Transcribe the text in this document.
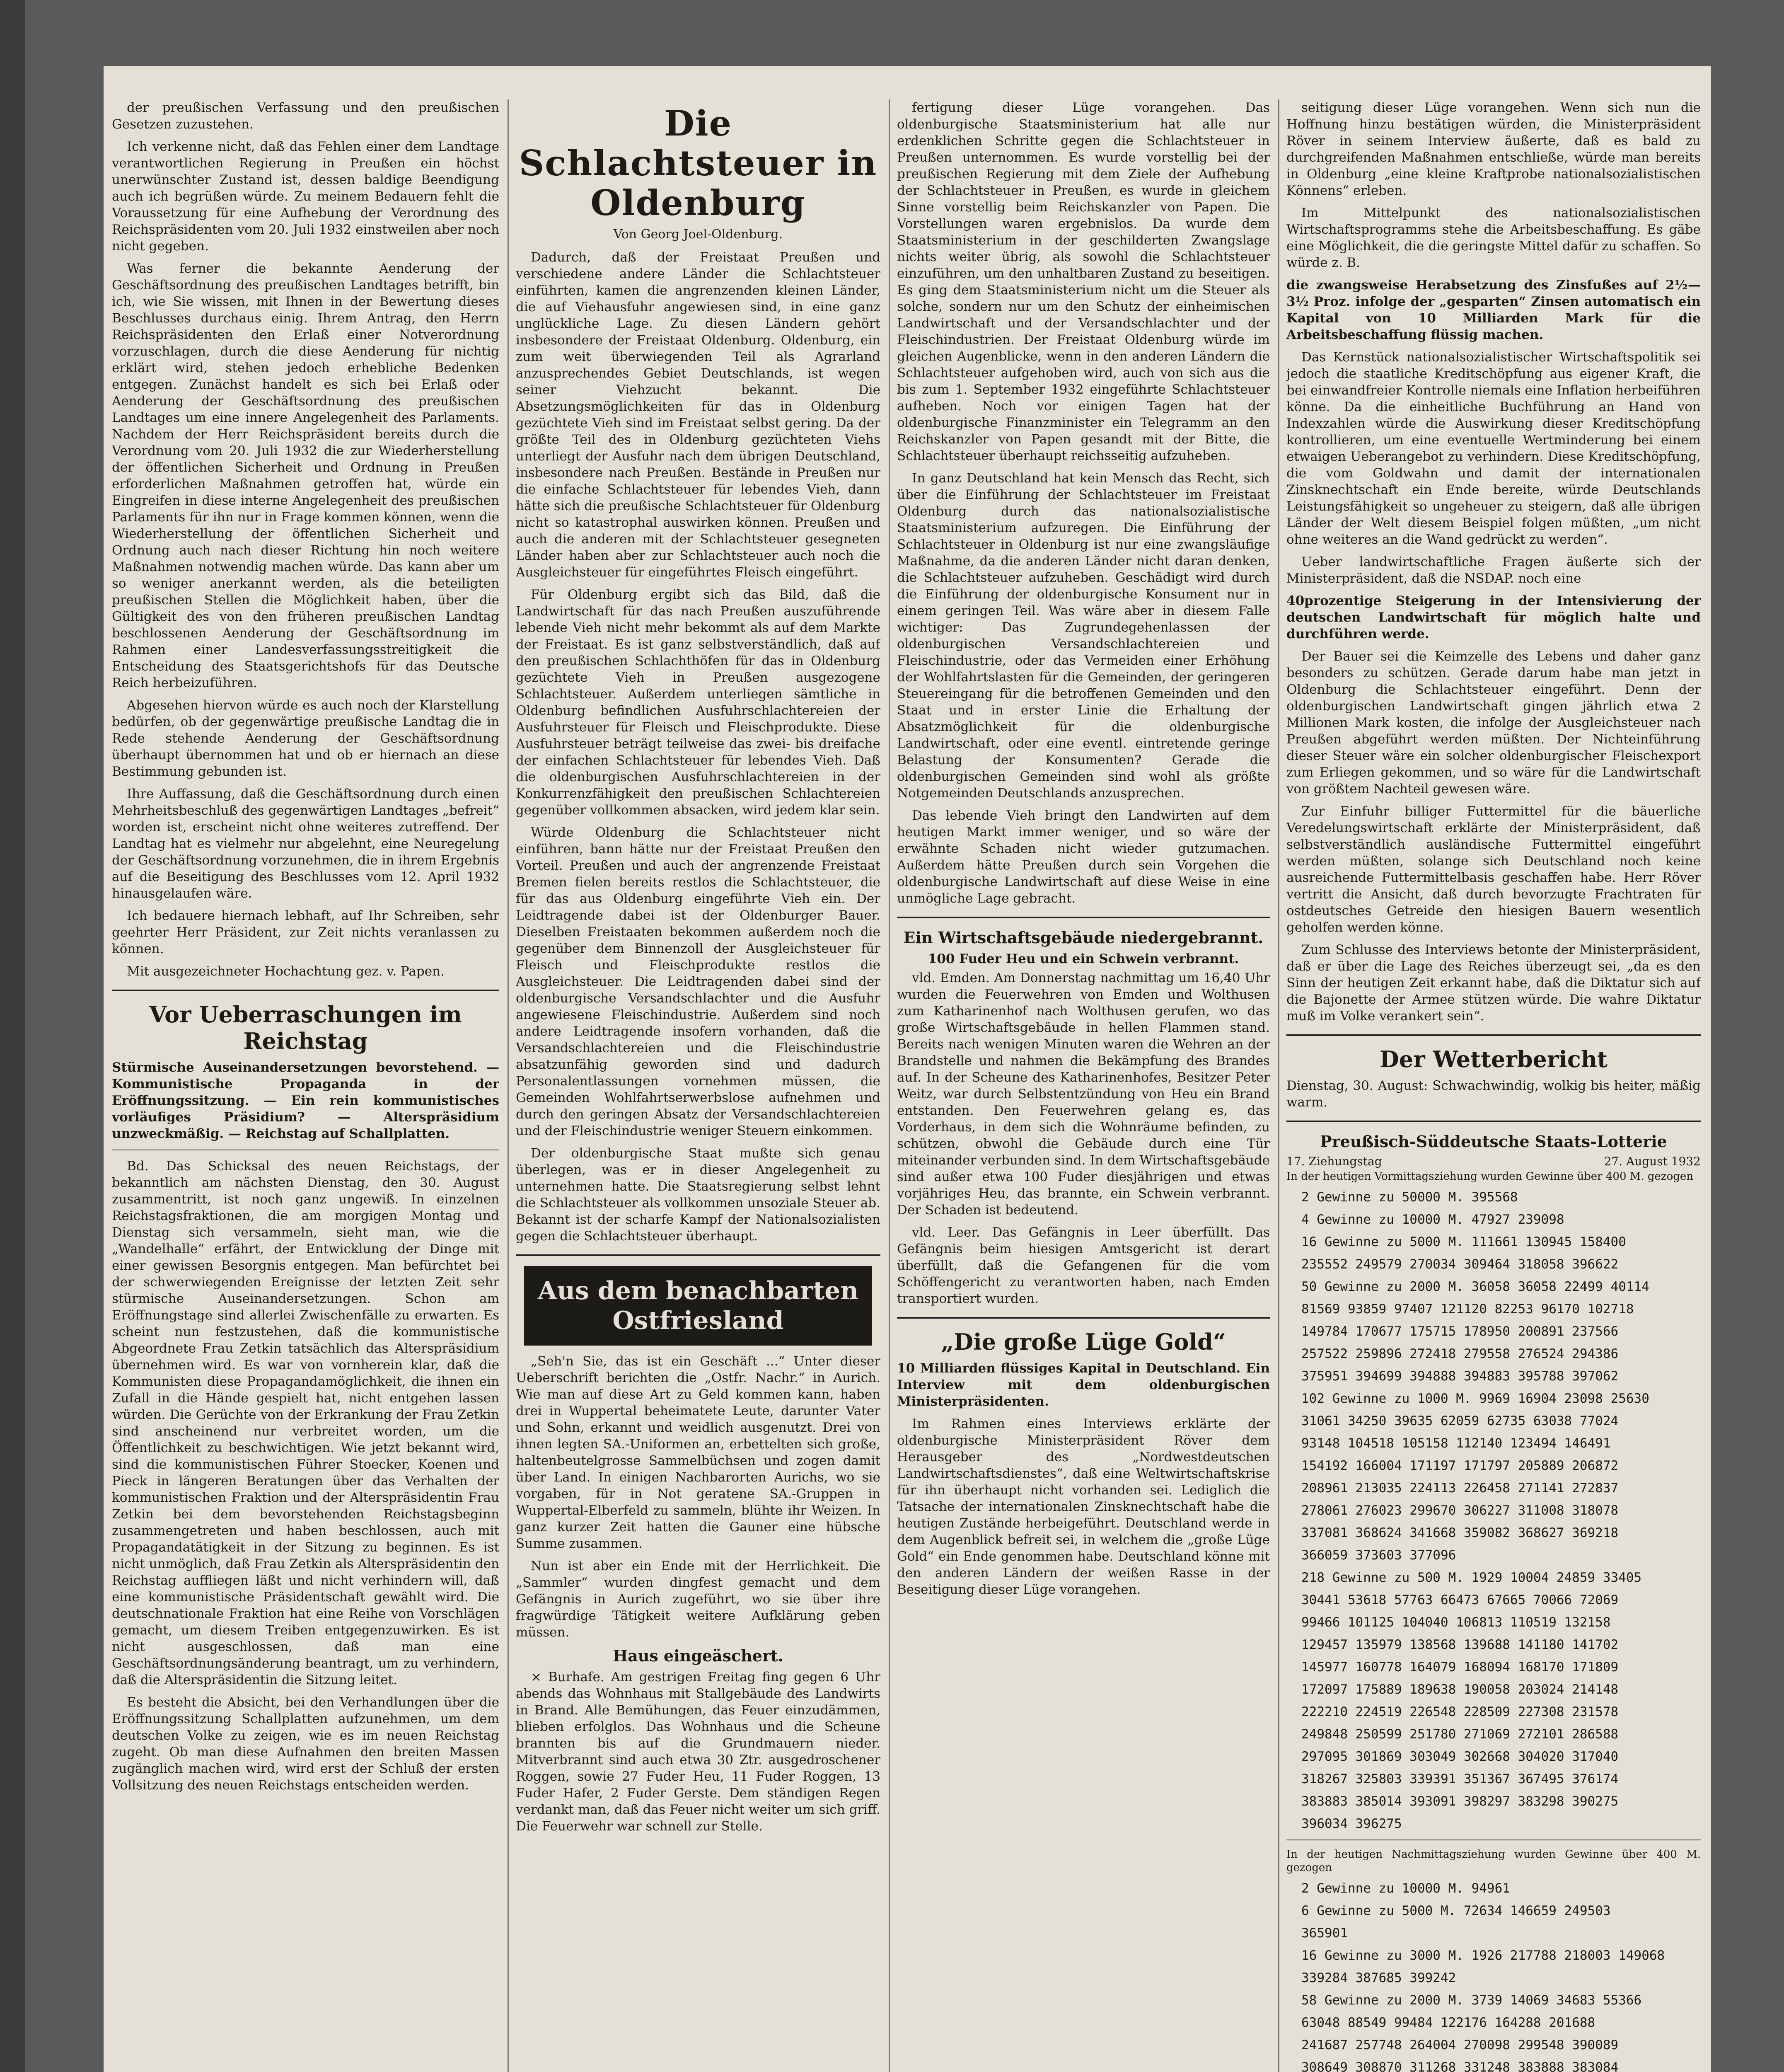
der preußischen Verfassung und den preußischen Gesetzen zuzustehen.

Ich verkenne nicht, daß das Fehlen einer dem Landtage verantwortlichen Regierung in Preußen ein höchst unerwünschter Zustand ist, dessen baldige Beendigung auch ich begrüßen würde. Zu meinem Bedauern fehlt die Voraussetzung für eine Aufhebung der Verordnung des Reichspräsidenten vom 20. Juli 1932 einstweilen aber noch nicht gegeben.

Was ferner die bekannte Aenderung der Geschäftsordnung des preußischen Landtages betrifft, bin ich, wie Sie wissen, mit Ihnen in der Bewertung dieses Beschlusses durchaus einig. Ihrem Antrag, den Herrn Reichspräsidenten den Erlaß einer Notverordnung vorzuschlagen, durch die diese Aenderung für nichtig erklärt wird, stehen jedoch erhebliche Bedenken entgegen. Zunächst handelt es sich bei Erlaß oder Aenderung der Geschäftsordnung des preußischen Landtages um eine innere Angelegenheit des Parlaments. Nachdem der Herr Reichspräsident bereits durch die Verordnung vom 20. Juli 1932 die zur Wiederherstellung der öffentlichen Sicherheit und Ordnung in Preußen erforderlichen Maßnahmen getroffen hat, würde ein Eingreifen in diese interne Angelegenheit des preußischen Parlaments für ihn nur in Frage kommen können, wenn die Wiederherstellung der öffentlichen Sicherheit und Ordnung auch nach dieser Richtung hin noch weitere Maßnahmen notwendig machen würde. Das kann aber um so weniger anerkannt werden, als die beteiligten preußischen Stellen die Möglichkeit haben, über die Gültigkeit des von den früheren preußischen Landtag beschlossenen Aenderung der Geschäftsordnung im Rahmen einer Landesverfassungsstreitigkeit die Entscheidung des Staatsgerichtshofs für das Deutsche Reich herbeizuführen.

Abgesehen hiervon würde es auch noch der Klarstellung bedürfen, ob der gegenwärtige preußische Landtag die in Rede stehende Aenderung der Geschäftsordnung überhaupt übernommen hat und ob er hiernach an diese Bestimmung gebunden ist.

Ihre Auffassung, daß die Geschäftsordnung durch einen Mehrheitsbeschluß des gegenwärtigen Landtages „befreit“ worden ist, erscheint nicht ohne weiteres zutreffend. Der Landtag hat es vielmehr nur abgelehnt, eine Neuregelung der Geschäftsordnung vorzunehmen, die in ihrem Ergebnis auf die Beseitigung des Beschlusses vom 12. April 1932 hinausgelaufen wäre.

Ich bedauere hiernach lebhaft, auf Ihr Schreiben, sehr geehrter Herr Präsident, zur Zeit nichts veranlassen zu können.

Mit ausgezeichneter Hochachtung gez. v. Papen.

Vor Ueberraschungen im Reichstag

Stürmische Auseinandersetzungen bevorstehend. — Kommunistische Propaganda in der Eröffnungssitzung. — Ein rein kommunistisches vorläufiges Präsidium? — Alterspräsidium unzweckmäßig. — Reichstag auf Schallplatten.

Bd. Das Schicksal des neuen Reichstags, der bekanntlich am nächsten Dienstag, den 30. August zusammentritt, ist noch ganz ungewiß. In einzelnen Reichstagsfraktionen, die am morgigen Montag und Dienstag sich versammeln, sieht man, wie die „Wandelhalle“ erfährt, der Entwicklung der Dinge mit einer gewissen Besorgnis entgegen. Man befürchtet bei der schwerwiegenden Ereignisse der letzten Zeit sehr stürmische Auseinandersetzungen. Schon am Eröffnungstage sind allerlei Zwischenfälle zu erwarten. Es scheint nun festzustehen, daß die kommunistische Abgeordnete Frau Zetkin tatsächlich das Alterspräsidium übernehmen wird. Es war von vornherein klar, daß die Kommunisten diese Propagandamöglichkeit, die ihnen ein Zufall in die Hände gespielt hat, nicht entgehen lassen würden. Die Gerüchte von der Erkrankung der Frau Zetkin sind anscheinend nur verbreitet worden, um die Öffentlichkeit zu beschwichtigen. Wie jetzt bekannt wird, sind die kommunistischen Führer Stoecker, Koenen und Pieck in längeren Beratungen über das Verhalten der kommunistischen Fraktion und der Alterspräsidentin Frau Zetkin bei dem bevorstehenden Reichstagsbeginn zusammengetreten und haben beschlossen, auch mit Propagandatätigkeit in der Sitzung zu beginnen. Es ist nicht unmöglich, daß Frau Zetkin als Alterspräsidentin den Reichstag auffliegen läßt und nicht verhindern will, daß eine kommunistische Präsidentschaft gewählt wird. Die deutschnationale Fraktion hat eine Reihe von Vorschlägen gemacht, um diesem Treiben entgegenzuwirken. Es ist nicht ausgeschlossen, daß man eine Geschäftsordnungsänderung beantragt, um zu verhindern, daß die Alterspräsidentin die Sitzung leitet.

Es besteht die Absicht, bei den Verhandlungen über die Eröffnungssitzung Schallplatten aufzunehmen, um dem deutschen Volke zu zeigen, wie es im neuen Reichstag zugeht. Ob man diese Aufnahmen den breiten Massen zugänglich machen wird, wird erst der Schluß der ersten Vollsitzung des neuen Reichstags entscheiden werden.

Die Schlachtsteuer in Oldenburg
Von Georg Joel-Oldenburg.

Dadurch, daß der Freistaat Preußen und verschiedene andere Länder die Schlachtsteuer einführten, kamen die angrenzenden kleinen Länder, die auf Viehausfuhr angewiesen sind, in eine ganz unglückliche Lage. Zu diesen Ländern gehört insbesondere der Freistaat Oldenburg. Oldenburg, ein zum weit überwiegenden Teil als Agrarland anzusprechendes Gebiet Deutschlands, ist wegen seiner Viehzucht bekannt. Die Absetzungsmöglichkeiten für das in Oldenburg gezüchtete Vieh sind im Freistaat selbst gering. Da der größte Teil des in Oldenburg gezüchteten Viehs unterliegt der Ausfuhr nach dem übrigen Deutschland, insbesondere nach Preußen. Bestände in Preußen nur die einfache Schlachtsteuer für lebendes Vieh, dann hätte sich die preußische Schlachtsteuer für Oldenburg nicht so katastrophal auswirken können. Preußen und auch die anderen mit der Schlachtsteuer gesegneten Länder haben aber zur Schlachtsteuer auch noch die Ausgleichsteuer für eingeführtes Fleisch eingeführt.

Für Oldenburg ergibt sich das Bild, daß die Landwirtschaft für das nach Preußen auszuführende lebende Vieh nicht mehr bekommt als auf dem Markte der Freistaat. Es ist ganz selbstverständlich, daß auf den preußischen Schlachthöfen für das in Oldenburg gezüchtete Vieh in Preußen ausgezogene Schlachtsteuer. Außerdem unterliegen sämtliche in Oldenburg befindlichen Ausfuhrschlachtereien der Ausfuhrsteuer für Fleisch und Fleischprodukte. Diese Ausfuhrsteuer beträgt teilweise das zwei- bis dreifache der einfachen Schlachtsteuer für lebendes Vieh. Daß die oldenburgischen Ausfuhrschlachtereien in der Konkurrenzfähigkeit den preußischen Schlachtereien gegenüber vollkommen absacken, wird jedem klar sein.

Würde Oldenburg die Schlachtsteuer nicht einführen, bann hätte nur der Freistaat Preußen den Vorteil. Preußen und auch der angrenzende Freistaat Bremen fielen bereits restlos die Schlachtsteuer, die für das aus Oldenburg eingeführte Vieh ein. Der Leidtragende dabei ist der Oldenburger Bauer. Dieselben Freistaaten bekommen außerdem noch die gegenüber dem Binnenzoll der Ausgleichsteuer für Fleisch und Fleischprodukte restlos die Ausgleichsteuer. Die Leidtragenden dabei sind der oldenburgische Versandschlachter und die Ausfuhr angewiesene Fleischindustrie. Außerdem sind noch andere Leidtragende insofern vorhanden, daß die Versandschlachtereien und die Fleischindustrie absatzunfähig geworden sind und dadurch Personalentlassungen vornehmen müssen, die Gemeinden Wohlfahrtserwerbslose aufnehmen und durch den geringen Absatz der Versandschlachtereien und der Fleischindustrie weniger Steuern einkommen.

Der oldenburgische Staat mußte sich genau überlegen, was er in dieser Angelegenheit zu unternehmen hatte. Die Staatsregierung selbst lehnt die Schlachtsteuer als vollkommen unsoziale Steuer ab. Bekannt ist der scharfe Kampf der Nationalsozialisten gegen die Schlachtsteuer überhaupt.

Aus dem benachbarten Ostfriesland

„Seh'n Sie, das ist ein Geschäft ...“ Unter dieser Ueberschrift berichten die „Ostfr. Nachr.“ in Aurich. Wie man auf diese Art zu Geld kommen kann, haben drei in Wuppertal beheimatete Leute, darunter Vater und Sohn, erkannt und weidlich ausgenutzt. Drei von ihnen legten SA.-Uniformen an, erbettelten sich große, haltenbeutelgrosse Sammelbüchsen und zogen damit über Land. In einigen Nachbarorten Aurichs, wo sie vorgaben, für in Not geratene SA.-Gruppen in Wuppertal-Elberfeld zu sammeln, blühte ihr Weizen. In ganz kurzer Zeit hatten die Gauner eine hübsche Summe zusammen.

Nun ist aber ein Ende mit der Herrlichkeit. Die „Sammler“ wurden dingfest gemacht und dem Gefängnis in Aurich zugeführt, wo sie über ihre fragwürdige Tätigkeit weitere Aufklärung geben müssen.

Haus eingeäschert.

× Burhafe. Am gestrigen Freitag fing gegen 6 Uhr abends das Wohnhaus mit Stallgebäude des Landwirts in Brand. Alle Bemühungen, das Feuer einzudämmen, blieben erfolglos. Das Wohnhaus und die Scheune brannten bis auf die Grundmauern nieder. Mitverbrannt sind auch etwa 30 Ztr. ausgedroschener Roggen, sowie 27 Fuder Heu, 11 Fuder Roggen, 13 Fuder Hafer, 2 Fuder Gerste. Dem ständigen Regen verdankt man, daß das Feuer nicht weiter um sich griff. Die Feuerwehr war schnell zur Stelle.

fertigung dieser Lüge vorangehen. Das oldenburgische Staatsministerium hat alle nur erdenklichen Schritte gegen die Schlachtsteuer in Preußen unternommen. Es wurde vorstellig bei der preußischen Regierung mit dem Ziele der Aufhebung der Schlachtsteuer in Preußen, es wurde in gleichem Sinne vorstellig beim Reichskanzler von Papen. Die Vorstellungen waren ergebnislos. Da wurde dem Staatsministerium in der geschilderten Zwangslage nichts weiter übrig, als sowohl die Schlachtsteuer einzuführen, um den unhaltbaren Zustand zu beseitigen. Es ging dem Staatsministerium nicht um die Steuer als solche, sondern nur um den Schutz der einheimischen Landwirtschaft und der Versandschlachter und der Fleischindustrien. Der Freistaat Oldenburg würde im gleichen Augenblicke, wenn in den anderen Ländern die Schlachtsteuer aufgehoben wird, auch von sich aus die bis zum 1. September 1932 eingeführte Schlachtsteuer aufheben. Noch vor einigen Tagen hat der oldenburgische Finanzminister ein Telegramm an den Reichskanzler von Papen gesandt mit der Bitte, die Schlachtsteuer überhaupt reichsseitig aufzuheben.

In ganz Deutschland hat kein Mensch das Recht, sich über die Einführung der Schlachtsteuer im Freistaat Oldenburg durch das nationalsozialistische Staatsministerium aufzuregen. Die Einführung der Schlachtsteuer in Oldenburg ist nur eine zwangsläufige Maßnahme, da die anderen Länder nicht daran denken, die Schlachtsteuer aufzuheben. Geschädigt wird durch die Einführung der oldenburgische Konsument nur in einem geringen Teil. Was wäre aber in diesem Falle wichtiger: Das Zugrundegehenlassen der oldenburgischen Versandschlachtereien und Fleischindustrie, oder das Vermeiden einer Erhöhung der Wohlfahrtslasten für die Gemeinden, der geringeren Steuereingang für die betroffenen Gemeinden und den Staat und in erster Linie die Erhaltung der Absatzmöglichkeit für die oldenburgische Landwirtschaft, oder eine eventl. eintretende geringe Belastung der Konsumenten? Gerade die oldenburgischen Gemeinden sind wohl als größte Notgemeinden Deutschlands anzusprechen.

Das lebende Vieh bringt den Landwirten auf dem heutigen Markt immer weniger, und so wäre der erwähnte Schaden nicht wieder gutzumachen. Außerdem hätte Preußen durch sein Vorgehen die oldenburgische Landwirtschaft auf diese Weise in eine unmögliche Lage gebracht.

Ein Wirtschaftsgebäude niedergebrannt.
100 Fuder Heu und ein Schwein verbrannt.

vld. Emden. Am Donnerstag nachmittag um 16,40 Uhr wurden die Feuerwehren von Emden und Wolthusen zum Katharinenhof nach Wolthusen gerufen, wo das große Wirtschaftsgebäude in hellen Flammen stand. Bereits nach wenigen Minuten waren die Wehren an der Brandstelle und nahmen die Bekämpfung des Brandes auf. In der Scheune des Katharinenhofes, Besitzer Peter Weitz, war durch Selbstentzündung von Heu ein Brand entstanden. Den Feuerwehren gelang es, das Vorderhaus, in dem sich die Wohnräume befinden, zu schützen, obwohl die Gebäude durch eine Tür miteinander verbunden sind. In dem Wirtschaftsgebäude sind außer etwa 100 Fuder diesjährigen und etwas vorjähriges Heu, das brannte, ein Schwein verbrannt. Der Schaden ist bedeutend.

vld. Leer. Das Gefängnis in Leer überfüllt. Das Gefängnis beim hiesigen Amtsgericht ist derart überfüllt, daß die Gefangenen für die vom Schöffengericht zu verantworten haben, nach Emden transportiert wurden.

„Die große Lüge Gold“

10 Milliarden flüssiges Kapital in Deutschland. Ein Interview mit dem oldenburgischen Ministerpräsidenten.

Im Rahmen eines Interviews erklärte der oldenburgische Ministerpräsident Röver dem Herausgeber des „Nordwestdeutschen Landwirtschaftsdienstes“, daß eine Weltwirtschaftskrise für ihn überhaupt nicht vorhanden sei. Lediglich die Tatsache der internationalen Zinsknechtschaft habe die heutigen Zustände herbeigeführt. Deutschland werde in dem Augenblick befreit sei, in welchem die „große Lüge Gold“ ein Ende genommen habe. Deutschland könne mit den anderen Ländern der weißen Rasse in der Beseitigung dieser Lüge vorangehen.

seitigung dieser Lüge vorangehen. Wenn sich nun die Hoffnung hinzu bestätigen würden, die Ministerpräsident Röver in seinem Interview äußerte, daß es bald zu durchgreifenden Maßnahmen entschließe, würde man bereits in Oldenburg „eine kleine Kraftprobe nationalsozialistischen Könnens“ erleben.

Im Mittelpunkt des nationalsozialistischen Wirtschaftsprogramms stehe die Arbeitsbeschaffung. Es gäbe eine Möglichkeit, die die geringste Mittel dafür zu schaffen. So würde z. B.

die zwangsweise Herabsetzung des Zinsfußes auf 2½—3½ Proz. infolge der „gesparten“ Zinsen automatisch ein Kapital von 10 Milliarden Mark für die Arbeitsbeschaffung flüssig machen.

Das Kernstück nationalsozialistischer Wirtschaftspolitik sei jedoch die staatliche Kreditschöpfung aus eigener Kraft, die bei einwandfreier Kontrolle niemals eine Inflation herbeiführen könne. Da die einheitliche Buchführung an Hand von Indexzahlen würde die Auswirkung dieser Kreditschöpfung kontrollieren, um eine eventuelle Wertminderung bei einem etwaigen Ueberangebot zu verhindern. Diese Kreditschöpfung, die vom Goldwahn und damit der internationalen Zinsknechtschaft ein Ende bereite, würde Deutschlands Leistungsfähigkeit so ungeheuer zu steigern, daß alle übrigen Länder der Welt diesem Beispiel folgen müßten, „um nicht ohne weiteres an die Wand gedrückt zu werden“.

Ueber landwirtschaftliche Fragen äußerte sich der Ministerpräsident, daß die NSDAP. noch eine

40prozentige Steigerung in der Intensivierung der deutschen Landwirtschaft für möglich halte und durchführen werde.

Der Bauer sei die Keimzelle des Lebens und daher ganz besonders zu schützen. Gerade darum habe man jetzt in Oldenburg die Schlachtsteuer eingeführt. Denn der oldenburgischen Landwirtschaft gingen jährlich etwa 2 Millionen Mark kosten, die infolge der Ausgleichsteuer nach Preußen abgeführt werden müßten. Der Nichteinführung dieser Steuer wäre ein solcher oldenburgischer Fleischexport zum Erliegen gekommen, und so wäre für die Landwirtschaft von größtem Nachteil gewesen wäre.

Zur Einfuhr billiger Futtermittel für die bäuerliche Veredelungswirtschaft erklärte der Ministerpräsident, daß selbstverständlich ausländische Futtermittel eingeführt werden müßten, solange sich Deutschland noch keine ausreichende Futtermittelbasis geschaffen habe. Herr Röver vertritt die Ansicht, daß durch bevorzugte Frachtraten für ostdeutsches Getreide den hiesigen Bauern wesentlich geholfen werden könne.

Zum Schlusse des Interviews betonte der Ministerpräsident, daß er über die Lage des Reiches überzeugt sei, „da es den Sinn der heutigen Zeit erkannt habe, daß die Diktatur sich auf die Bajonette der Armee stützen würde. Die wahre Diktatur muß im Volke verankert sein“.

Der Wetterbericht

Dienstag, 30. August: Schwachwindig, wolkig bis heiter, mäßig warm.

Preußisch-Süddeutsche Staats-Lotterie
17. Ziehungstag	27. August 1932

In der heutigen Vormittagsziehung wurden Gewinne über 400 M. gezogen

2 Gewinne zu 50000 M. 395568

4 Gewinne zu 10000 M. 47927 239098

16 Gewinne zu 5000 M. 111661 130945 158400

235552 249579 270034 309464 318058 396622

50 Gewinne zu 2000 M. 36058 36058 22499 40114

81569 93859 97407 121120 82253 96170 102718

149784 170677 175715 178950 200891 237566

257522 259896 272418 279558 276524 294386

375951 394699 394888 394883 395788 397062

102 Gewinne zu 1000 M. 9969 16904 23098 25630

31061 34250 39635 62059 62735 63038 77024

93148 104518 105158 112140 123494 146491

154192 166004 171197 171797 205889 206872

208961 213035 224113 226458 271141 272837

278061 276023 299670 306227 311008 318078

337081 368624 341668 359082 368627 369218

366059 373603 377096

218 Gewinne zu 500 M. 1929 10004 24859 33405

30441 53618 57763 66473 67665 70066 72069

99466 101125 104040 106813 110519 132158

129457 135979 138568 139688 141180 141702

145977 160778 164079 168094 168170 171809

172097 175889 189638 190058 203024 214148

222210 224519 226548 228509 227308 231578

249848 250599 251780 271069 272101 286588

297095 301869 303049 302668 304020 317040

318267 325803 339391 351367 367495 376174

383883 385014 393091 398297 383298 390275

396034 396275

In der heutigen Nachmittagsziehung wurden Gewinne über 400 M. gezogen

2 Gewinne zu 10000 M. 94961

6 Gewinne zu 5000 M. 72634 146659 249503

365901

16 Gewinne zu 3000 M. 1926 217788 218003 149068

339284 387685 399242

58 Gewinne zu 2000 M. 3739 14069 34683 55366

63048 88549 99484 122176 164288 201688

241687 257748 264004 270098 299548 390089

308649 308870 311268 331248 383888 383084
